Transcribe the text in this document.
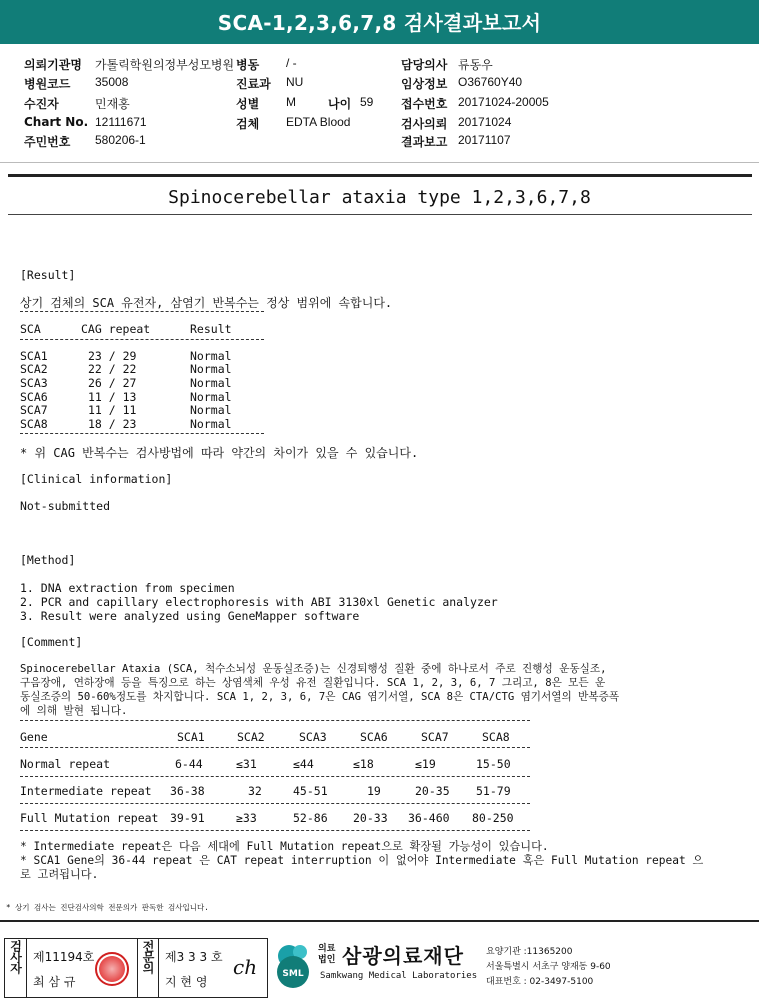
SCA-1,2,3,6,7,8 검사결과보고서
의뢰기관명 가톨릭학원의정부성모병원 병동 / -	담당의사 류동우
병원코드 35008	진료과 NU	임상정보 O36760Y40
수진자	민재홍	성별 M	나이 59 접수번호 20171024-20005
Chart No. 12111671	검체 EDTA Blood	검사의뢰 20171024
주민번호 580206-1	결과보고 20171107
Spinocerebellar ataxia type 1,2,3,6,7,8
[Result]
상기 검체의 SCA 유전자, 삼염기 반복수는 정상 범위에 속합니다.
SCA	CAG repeat	Result
SCA1	23 / 29	Normal
SCA2	22 / 22	Normal
SCA3	26 / 27	Normal
SCA6	11 / 13	Normal
SCA7	11 / 11	Normal
SCA8	18 / 23	Normal
* 위 CAG 반복수는 검사방법에 따라 약간의 차이가 있을 수 있습니다.
[Clinical information]
Not-submitted
[Method]
1. DNA extraction from specimen
2. PCR and capillary electrophoresis with ABI 3130xl Genetic analyzer
3. Result were analyzed using GeneMapper software
[Comment]
Spinocerebellar Ataxia (SCA, 척수소뇌성 운동실조증)는 신경퇴행성 질환 중에 하나로서 주로 진행성 운동실조,
구음장애, 연하장애 등을 특징으로 하는 상염색체 우성 유전 질환입니다. SCA 1, 2, 3, 6, 7 그리고, 8은 모든 운
동실조증의 50-60%정도를 차지합니다. SCA 1, 2, 3, 6, 7은 CAG 염기서열, SCA 8은 CTA/CTG 염기서열의 반복증폭
에 의해 발현 됩니다.
Gene	SCA1	SCA2	SCA3	SCA6	SCA7	SCA8
Normal repeat	6-44	≤31	≤44	≤18	≤19	15-50
Intermediate repeat 36-38	32	45-51	19	20-35 51-79
Full Mutation repeat 39-91	≥33	52-86 20-33 36-460 80-250
* Intermediate repeat은 다음 세대에 Full Mutation repeat으로 확장될 가능성이 있습니다.
* SCA1 Gene의 36-44 repeat 은 CAT repeat interruption 이 없어야 Intermediate 혹은 Full Mutation repeat 으
로 고려됩니다.
* 상기 검사는 진단검사의학 전문의가 판독한 검사입니다.
검사자 제11194호
최 삼 규
전문의 제3 3 3 호
지 현 영
ch	SML
의료
법인 삼광의료재단
Samkwang Medical Laboratories
요양기관 :11365200
서울특별시 서초구 양재동 9-60
대표번호 : 02-3497-5100
